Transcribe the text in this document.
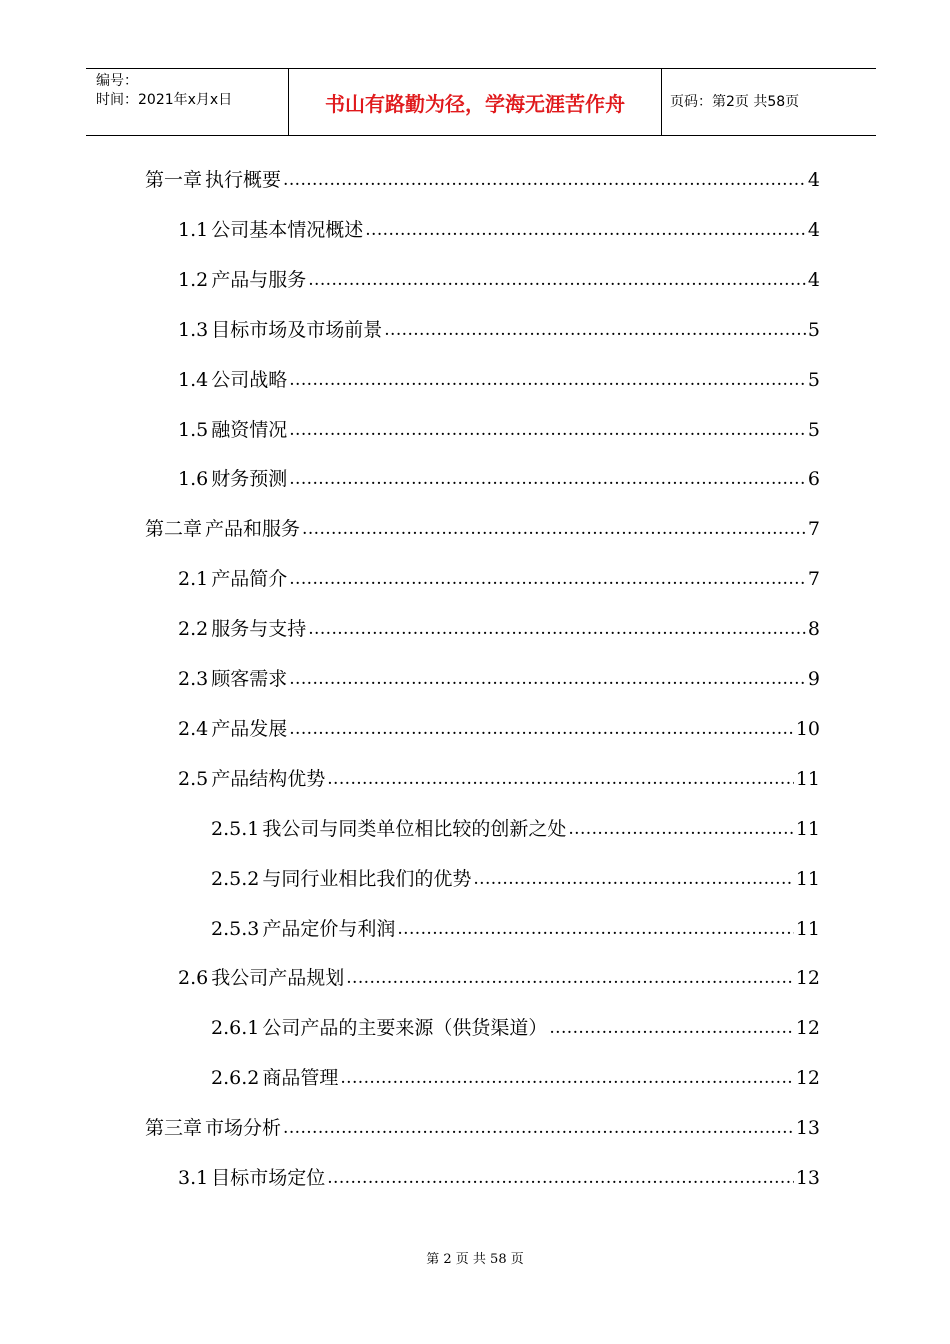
编号：
时间：2021年x月x日	书山有路勤为径，学海无涯苦作舟	页码：第2页 共58页
第一章 执行概要 .....	4
1.1 公司基本情况概述 .....	4
1.2 产品与服务 .....	4
1.3 目标市场及市场前景 .....	5
1.4 公司战略 .....	5
1.5 融资情况 .....	5
1.6 财务预测 .....	6
第二章 产品和服务 .....	7
2.1 产品简介 .....	7
2.2 服务与支持 .....	8
2.3 顾客需求 .....	9
2.4 产品发展 .....	10
2.5 产品结构优势 .....	11
2.5.1 我公司与同类单位相比较的创新之处 .....	11
2.5.2 与同行业相比我们的优势 .....	11
2.5.3 产品定价与利润 .....	11
2.6 我公司产品规划 .....	12
2.6.1 公司产品的主要来源（供货渠道） .....	12
2.6.2 商品管理 .....	12
第三章 市场分析 .....	13
3.1 目标市场定位 .....	13
第 2 页 共 58 页
